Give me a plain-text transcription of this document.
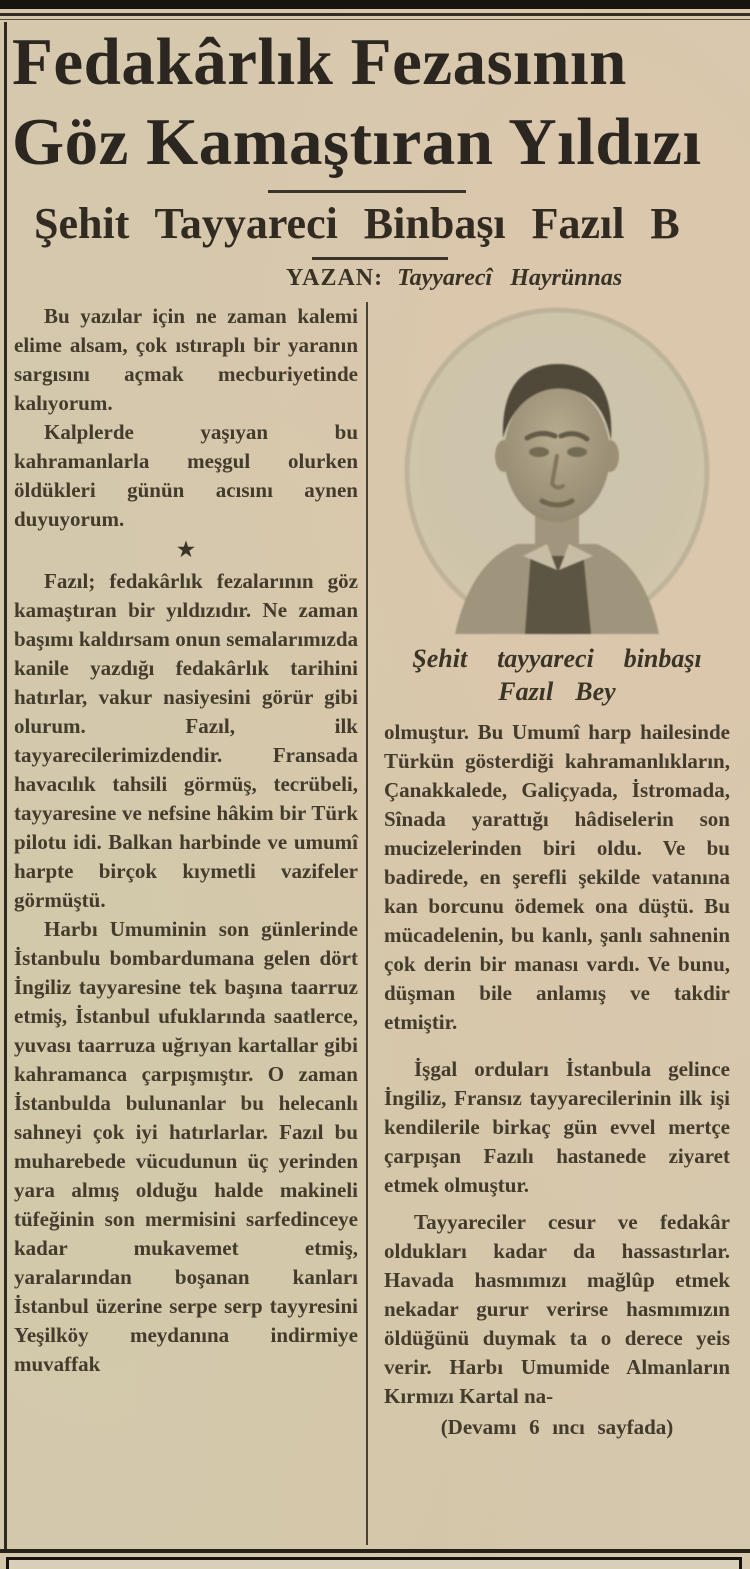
Fedakârlık Fezasının
Göz Kamaştıran Yıldızı
Şehit Tayyareci Binbaşı Fazıl B
YAZAN: Tayyarecî Hayrünnas

Bu yazılar için ne zaman kalemi elime alsam, çok ıstıraplı bir yaranın sargısını açmak mecburiyetinde kalıyorum.

Kalplerde yaşıyan bu kahramanlarla meşgul olurken öldükleri günün acısını aynen duyuyorum.

★

Fazıl; fedakârlık fezalarının göz kamaştıran bir yıldızıdır. Ne zaman başımı kaldırsam onun semalarımızda kanile yazdığı fedakârlık tarihini hatırlar, vakur nasiyesini görür gibi olurum. Fazıl, ilk tayyarecilerimizdendir. Fransada havacılık tahsili görmüş, tecrübeli, tayyaresine ve nefsine hâkim bir Türk pilotu idi. Balkan harbinde ve umumî harpte birçok kıymetli vazifeler görmüştü.

Harbı Umuminin son günlerinde İstanbulu bombardumana gelen dört İngiliz tayyaresine tek başına taarruz etmiş, İstanbul ufuklarında saatlerce, yuvası taarruza uğrıyan kartallar gibi kahramanca çarpışmıştır. O zaman İstanbulda bulunanlar bu helecanlı sahneyi çok iyi hatırlarlar. Fazıl bu muharebede vücudunun üç yerinden yara almış olduğu halde makineli tüfeğinin son mermisini sarfedinceye kadar mukavemet etmiş, yaralarından boşanan kanları İstanbul üzerine serpe serp tayyresini Yeşilköy meydanına indirmiye muvaffak

Şehit tayyareci binbaşı
Fazıl Bey

olmuştur. Bu Umumî harp hailesinde Türkün gösterdiği kahramanlıkların, Çanakkalede, Galiçyada, İstromada, Sînada yarattığı hâdiselerin son mucizelerinden biri oldu. Ve bu badirede, en şerefli şekilde vatanına kan borcunu ödemek ona düştü. Bu mücadelenin, bu kanlı, şanlı sahnenin çok derin bir manası vardı. Ve bunu, düşman bile anlamış ve takdir etmiştir.

İşgal orduları İstanbula gelince İngiliz, Fransız tayyarecilerinin ilk işi kendilerile birkaç gün evvel mertçe çarpışan Fazılı hastanede ziyaret etmek olmuştur.

Tayyareciler cesur ve fedakâr oldukları kadar da hassastırlar. Havada hasmımızı mağlûp etmek nekadar gurur verirse hasmımızın öldüğünü duymak ta o derece yeis verir. Harbı Umumide Almanların Kırmızı Kartal na-

(Devamı 6 ıncı sayfada)
